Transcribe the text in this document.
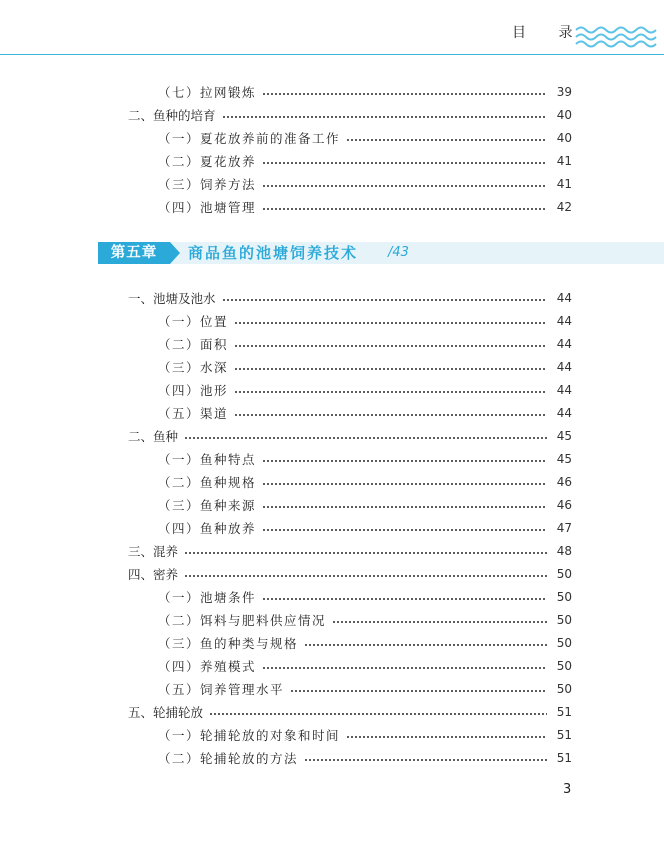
目 录
（七）拉网锻炼	39
二、鱼种的培育	40
（一）夏花放养前的准备工作	40
（二）夏花放养	41
（三）饲养方法	41
（四）池塘管理	42
第五章	商品鱼的池塘饲养技术 /43
一、池塘及池水	44
（一）位置	44
（二）面积	44
（三）水深	44
（四）池形	44
（五）渠道	44
二、鱼种	45
（一）鱼种特点	45
（二）鱼种规格	46
（三）鱼种来源	46
（四）鱼种放养	47
三、混养	48
四、密养	50
（一）池塘条件	50
（二）饵料与肥料供应情况	50
（三）鱼的种类与规格	50
（四）养殖模式	50
（五）饲养管理水平	50
五、轮捕轮放	51
（一）轮捕轮放的对象和时间	51
（二）轮捕轮放的方法	51
3
